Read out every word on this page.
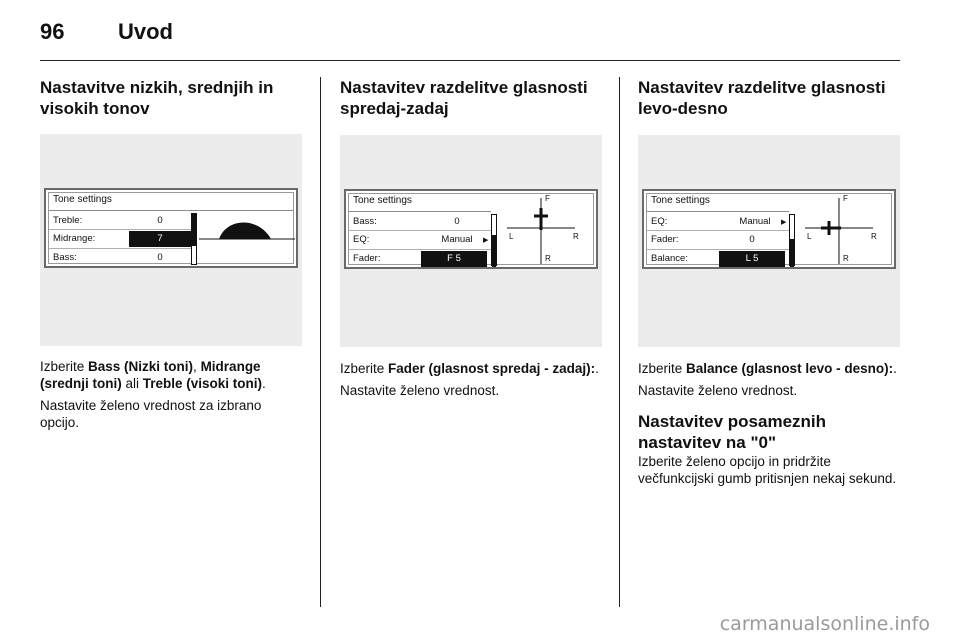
96 Uvod
Nastavitve nizkih, srednjih in visokih tonov
Tone settings
Treble:	0
Midrange:	7
Bass:	0

Izberite Bass (Nizki toni), Midrange (srednji toni) ali Treble (visoki toni).

Nastavite želeno vrednost za izbrano opcijo.

Nastavitev razdelitve glasnosti spredaj-zadaj
Tone settings
Bass:	0
EQ:	Manual	▶
Fader:	F 5
F
R
L	R

Izberite Fader (glasnost spredaj - zadaj):.

Nastavite želeno vrednost.

Nastavitev razdelitve glasnosti levo-desno
Tone settings
EQ:	Manual	▶
Fader:	0
Balance:	L 5
F
R
L	R

Izberite Balance (glasnost levo - desno):.

Nastavite želeno vrednost.

Nastavitev posameznih nastavitev na "0"

Izberite želeno opcijo in pridržite večfunkcijski gumb pritisnjen nekaj sekund.

carmanualsonline.info
